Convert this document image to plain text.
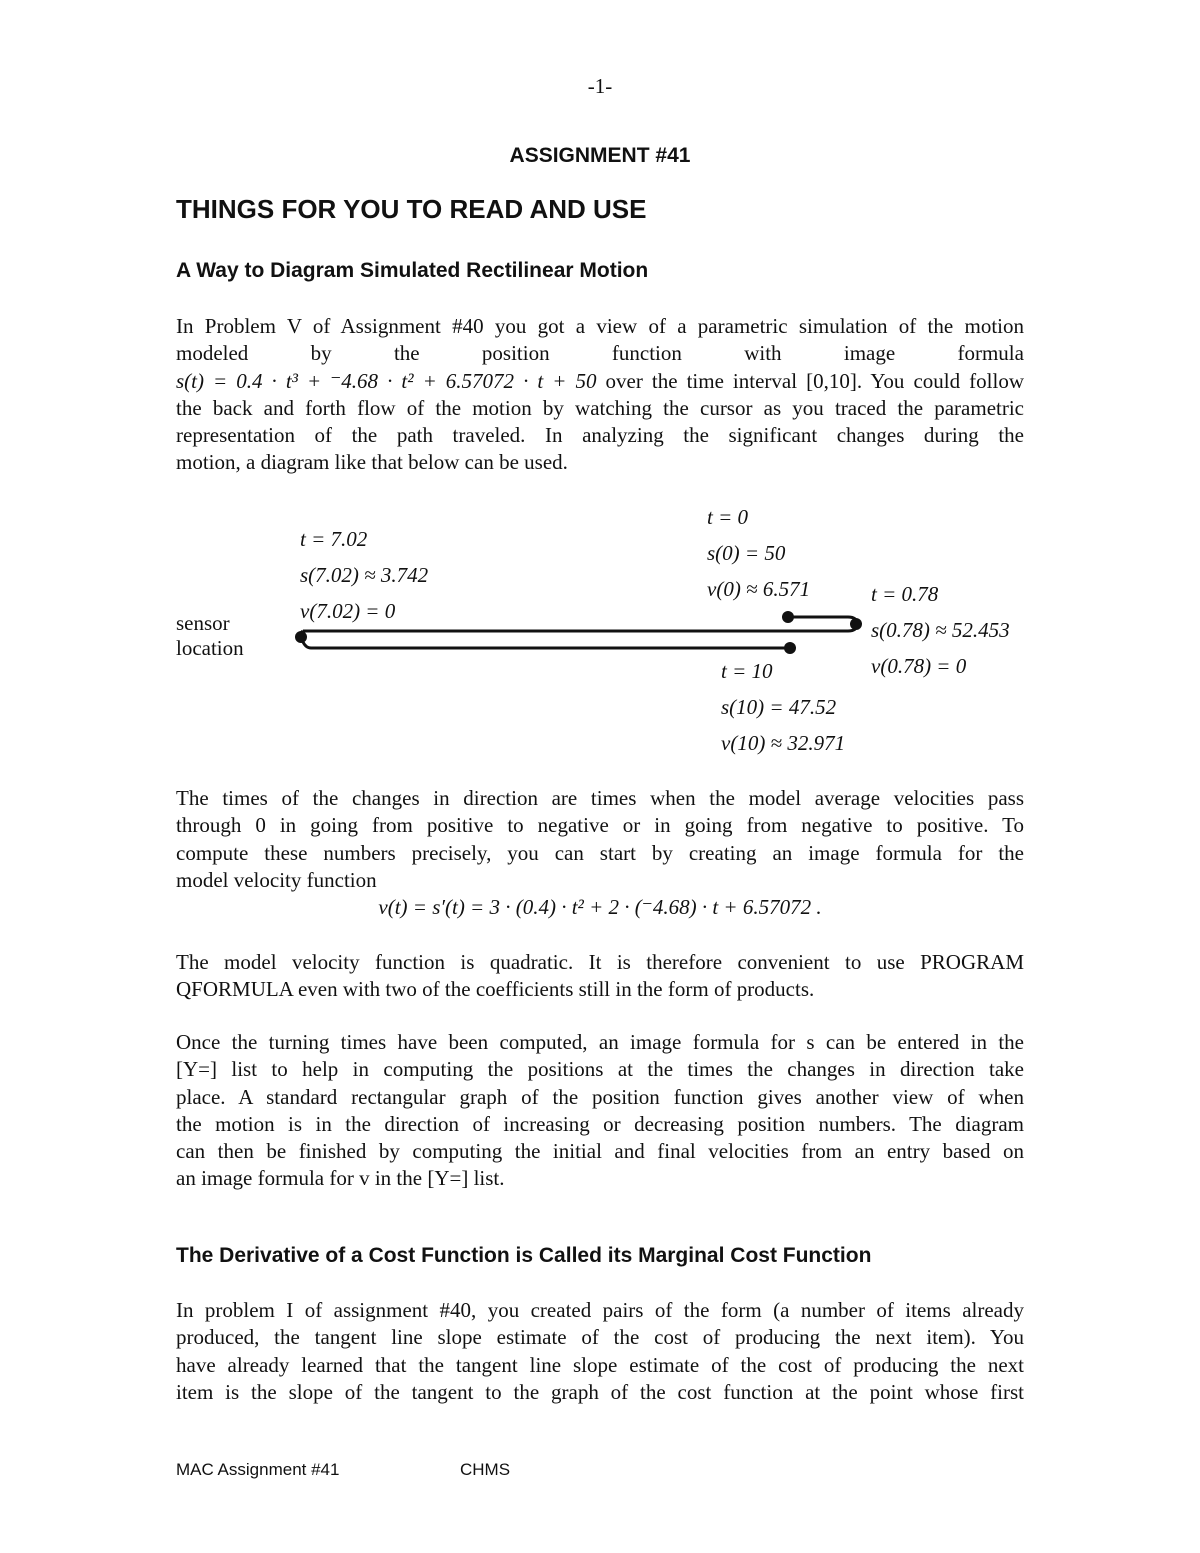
-1-
ASSIGNMENT #41
THINGS FOR YOU TO READ AND USE
A Way to Diagram Simulated Rectilinear Motion
In Problem V of Assignment #40 you got a view of a parametric simulation of the motion
modeled	by	the	position	function	with	image	formula
s(t) = 0.4 · t³ + ⁻4.68 · t² + 6.57072 · t + 50 over the time interval [0,10]. You could follow
the back and forth flow of the motion by watching the cursor as you traced the parametric
representation of the path traveled. In analyzing the significant changes during the
motion, a diagram like that below can be used.
sensor
location
t = 7.02
s(7.02) ≈ 3.742
v(7.02) = 0
t = 0
s(0) = 50
v(0) ≈ 6.571	t = 0.78
s(0.78) ≈ 52.453
v(0.78) = 0
t = 10
s(10) = 47.52
v(10) ≈ 32.971
The times of the changes in direction are times when the model average velocities pass
through 0 in going from positive to negative or in going from negative to positive. To
compute these numbers precisely, you can start by creating an image formula for the
model velocity function
v(t) = s′(t) = 3 · (0.4) · t² + 2 · (⁻4.68) · t + 6.57072 .
The model velocity function is quadratic. It is therefore convenient to use PROGRAM
QFORMULA even with two of the coefficients still in the form of products.
Once the turning times have been computed, an image formula for s can be entered in the
[Y=] list to help in computing the positions at the times the changes in direction take
place. A standard rectangular graph of the position function gives another view of when
the motion is in the direction of increasing or decreasing position numbers. The diagram
can then be finished by computing the initial and final velocities from an entry based on
an image formula for v in the [Y=] list.
The Derivative of a Cost Function is Called its Marginal Cost Function
In problem I of assignment #40, you created pairs of the form (a number of items already
produced, the tangent line slope estimate of the cost of producing the next item). You
have already learned that the tangent line slope estimate of the cost of producing the next
item is the slope of the tangent to the graph of the cost function at the point whose first
MAC Assignment #41	CHMS
